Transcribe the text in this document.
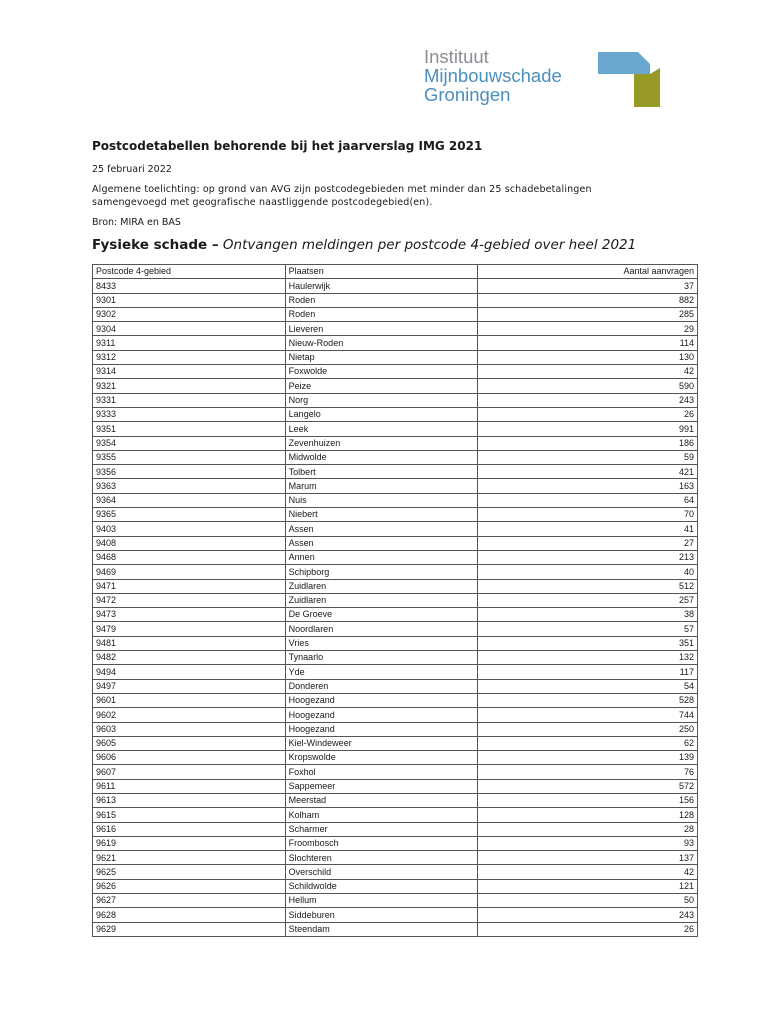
Instituut
Mijnbouwschade
Groningen
Postcodetabellen behorende bij het jaarverslag IMG 2021
25 februari 2022
Algemene toelichting: op grond van AVG zijn postcodegebieden met minder dan 25 schadebetalingen samengevoegd met geografische naastliggende postcodegebied(en).
Bron: MIRA en BAS
Fysieke schade – Ontvangen meldingen per postcode 4-gebied over heel 2021
Postcode 4-gebied	Plaatsen	Aantal aanvragen
8433	Haulerwijk	37
9301	Roden	882
9302	Roden	285
9304	Lieveren	29
9311	Nieuw-Roden	114
9312	Nietap	130
9314	Foxwolde	42
9321	Peize	590
9331	Norg	243
9333	Langelo	26
9351	Leek	991
9354	Zevenhuizen	186
9355	Midwolde	59
9356	Tolbert	421
9363	Marum	163
9364	Nuis	64
9365	Niebert	70
9403	Assen	41
9408	Assen	27
9468	Annen	213
9469	Schipborg	40
9471	Zuidlaren	512
9472	Zuidlaren	257
9473	De Groeve	38
9479	Noordlaren	57
9481	Vries	351
9482	Tynaarlo	132
9494	Yde	117
9497	Donderen	54
9601	Hoogezand	528
9602	Hoogezand	744
9603	Hoogezand	250
9605	Kiel-Windeweer	62
9606	Kropswolde	139
9607	Foxhol	76
9611	Sappemeer	572
9613	Meerstad	156
9615	Kolham	128
9616	Scharmer	28
9619	Froombosch	93
9621	Slochteren	137
9625	Overschild	42
9626	Schildwolde	121
9627	Hellum	50
9628	Siddeburen	243
9629	Steendam	26
